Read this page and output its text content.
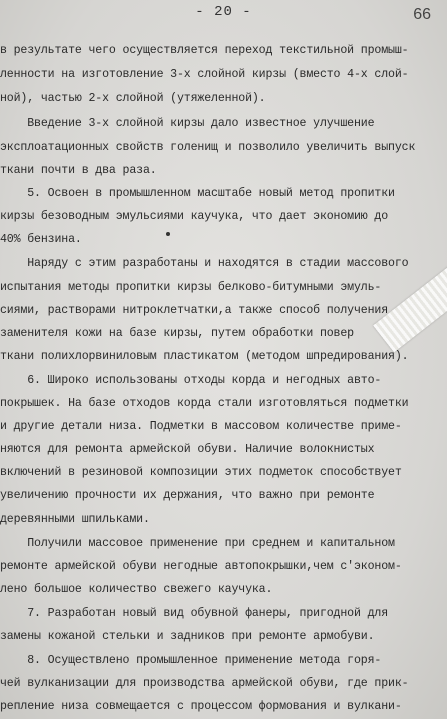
- 20 -	66
в результате чего осуществляется переход текстильной промыш-
ленности на изготовление 3-х слойной кирзы (вместо 4-х слой-
ной), частью 2-х слойной (утяжеленной).
Введение 3-х слойной кирзы дало известное улучшение
эксплоатационных свойств голенищ и позволило увеличить выпуск
ткани почти в два раза.
5. Освоен в промышленном масштабе новый метод пропитки
кирзы безоводным эмульсиями каучука, что дает экономию до
40% бензина.
Наряду с этим разработаны и находятся в стадии массового
испытания методы пропитки кирзы белково-битумными эмуль-
сиями, растворами нитроклетчатки,а также способ получения
заменителя кожи на базе кирзы, путем обработки повер
ткани полихлорвиниловым пластикатом (методом шпредирования).
6. Широко использованы отходы корда и негодных авто-
покрышек. На базе отходов корда стали изготовляться подметки
и другие детали низа. Подметки в массовом количестве приме-
няются для ремонта армейской обуви. Наличие волокнистых
включений в резиновой композиции этих подметок способствует
увеличению прочности их держания, что важно при ремонте
деревянными шпильками.
Получили массовое применение при среднем и капитальном
ремонте армейской обуви негодные автопокрышки,чем с'эконом-
лено большое количество свежего каучука.
7. Разработан новый вид обувной фанеры, пригодной для
замены кожаной стельки и задников при ремонте армобуви.
8. Осуществлено промышленное применение метода горя-
чей вулканизации для производства армейской обуви, где прик-
репление низа совмещается с процессом формования и вулкани-
